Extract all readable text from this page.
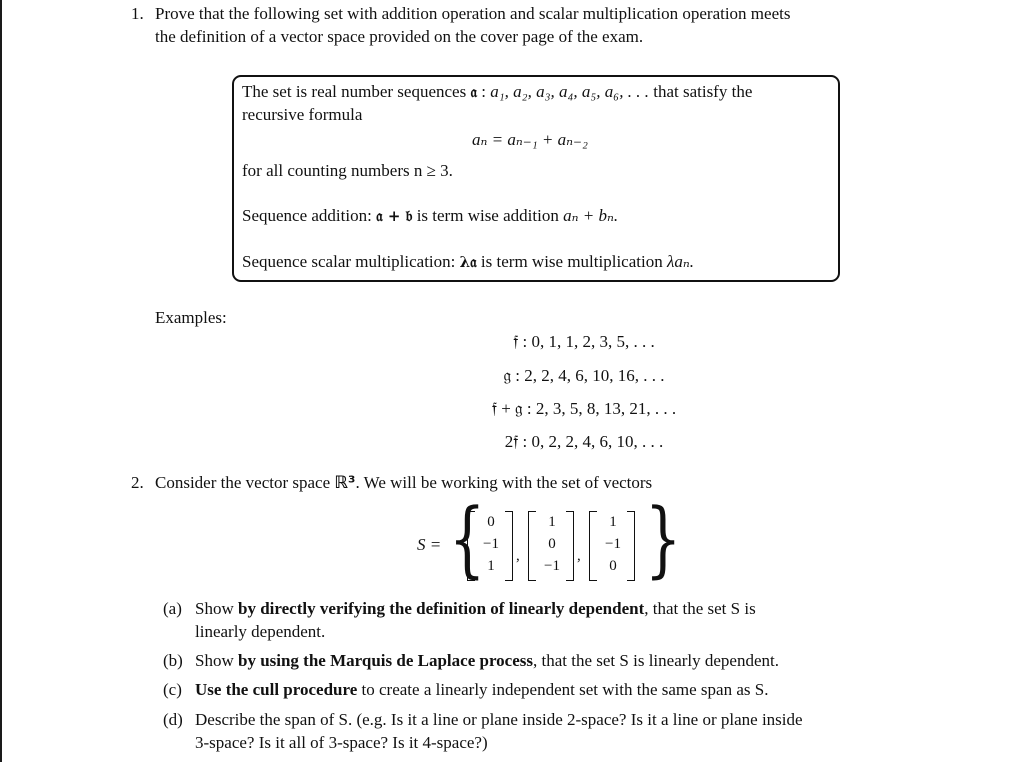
1. Prove that the following set with addition operation and scalar multiplication operation meets
the definition of a vector space provided on the cover page of the exam.
The set is real number sequences 𝔞 : a₁, a₂, a₃, a₄, a₅, a₆, . . . that satisfy the
recursive formula
aₙ = aₙ₋₁ + aₙ₋₂
for all counting numbers n ≥ 3.
Sequence addition: 𝔞 + 𝔟 is term wise addition aₙ + bₙ.
Sequence scalar multiplication: λ𝔞 is term wise multiplication λaₙ.
Examples:
𝔣 : 0, 1, 1, 2, 3, 5, . . .
𝔤 : 2, 2, 4, 6, 10, 16, . . .
𝔣 + 𝔤 : 2, 3, 5, 8, 13, 21, . . .
2𝔣 : 0, 2, 2, 4, 6, 10, . . .
2. Consider the vector space ℝ³. We will be working with the set of vectors
S = { 0
−1
1
,
1
0
−1
,
1
−1
0 }
(a) Show by directly verifying the definition of linearly dependent, that the set S is
linearly dependent.
(b) Show by using the Marquis de Laplace process, that the set S is linearly dependent.
(c) Use the cull procedure to create a linearly independent set with the same span as S.
(d) Describe the span of S. (e.g. Is it a line or plane inside 2-space? Is it a line or plane inside
3-space? Is it all of 3-space? Is it 4-space?)
